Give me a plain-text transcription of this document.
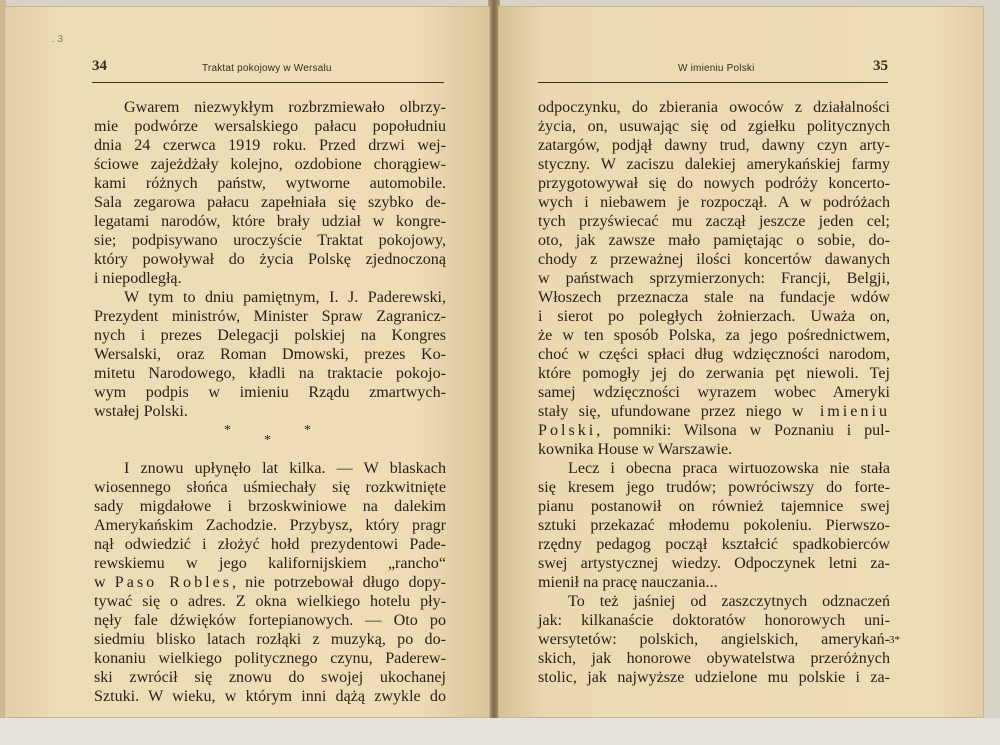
. 3
34	Traktat pokojowy w Wersalu
Gwarem niezwykłym rozbrzmiewało olbrzy-
mie podwórze wersalskiego pałacu popołudniu
dnia 24 czerwca 1919 roku. Przed drzwi wej-
ściowe zajeżdżały kolejno, ozdobione chorągiew-
kami różnych państw, wytworne automobile.
Sala zegarowa pałacu zapełniała się szybko de-
legatami narodów, które brały udział w kongre-
sie; podpisywano uroczyście Traktat pokojowy,
który powoływał do życia Polskę zjednoczoną
i niepodległą.
W tym to dniu pamiętnym, I. J. Paderewski,
Prezydent ministrów, Minister Spraw Zagranicz-
nych i prezes Delegacji polskiej na Kongres
Wersalski, oraz Roman Dmowski, prezes Ko-
mitetu Narodowego, kładli na traktacie pokojo-
wym podpis w imieniu Rządu zmartwych-
wstałej Polski.
*	*
*
I znowu upłynęło lat kilka. — W blaskach
wiosennego słońca uśmiechały się rozkwitnięte
sady migdałowe i brzoskwiniowe na dalekim
Amerykańskim Zachodzie. Przybysz, który pragr
nął odwiedzić i złożyć hołd prezydentowi Pade-
rewskiemu w jego kalifornijskiem „rancho“
w Paso Robles, nie potrzebował długo dopy-
tywać się o adres. Z okna wielkiego hotelu pły-
nęły fale dźwięków fortepianowych. — Oto po
siedmiu blisko latach rozłąki z muzyką, po do-
konaniu wielkiego politycznego czynu, Paderew-
ski zwrócił się znowu do swojej ukochanej
Sztuki. W wieku, w którym inni dążą zwykle do
W imieniu Polski	35
odpoczynku, do zbierania owoców z działalności
życia, on, usuwając się od zgiełku politycznych
zatargów, podjął dawny trud, dawny czyn arty-
styczny. W zaciszu dalekiej amerykańskiej farmy
przygotowywał się do nowych podróży koncerto-
wych i niebawem je rozpoczął. A w podróżach
tych przyświecać mu zaczął jeszcze jeden cel;
oto, jak zawsze mało pamiętając o sobie, do-
chody z przeważnej ilości koncertów dawanych
w państwach sprzymierzonych: Francji, Belgji,
Włoszech przeznacza stale na fundacje wdów
i sierot po poległych żołnierzach. Uważa on,
że w ten sposób Polska, za jego pośrednictwem,
choć w części spłaci dług wdzięczności narodom,
które pomogły jej do zerwania pęt niewoli. Tej
samej wdzięczności wyrazem wobec Ameryki
stały się, ufundowane przez niego w imieniu
Polski, pomniki: Wilsona w Poznaniu i pul-
kownika House w Warszawie.
Lecz i obecna praca wirtuozowska nie stała
się kresem jego trudów; powróciwszy do forte-
pianu postanowił on również tajemnice swej
sztuki przekazać młodemu pokoleniu. Pierwszo-
rzędny pedagog począł kształcić spadkobierców
swej artystycznej wiedzy. Odpoczynek letni za-
mienił na pracę nauczania...
To też jaśniej od zaszczytnych odznaczeń
jak: kilkanaście doktoratów honorowych uni-
wersytetów: polskich, angielskich, amerykań-
skich, jak honorowe obywatelstwa przeróżnych
stolic, jak najwyższe udzielone mu polskie i za-
3*
